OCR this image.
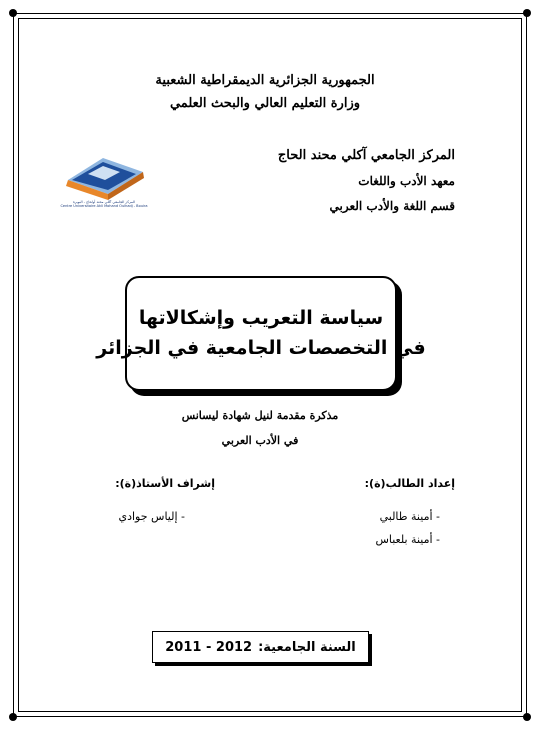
الجمهورية الجزائرية الديمقراطية الشعبية
وزارة التعليم العالي والبحث العلمي
المركز الجامعي آكلي محند الحاج
معهد الأدب واللغات
قسم اللغة والأدب العربي
المركز الجامعي آكلي محند أولحاج - البويرة
Centre Universitaire Akli Mohand Oulhadj - Bouira
سياسة التعريب وإشكالاتها
في التخصصات الجامعية في الجزائر
مذكرة مقدمة لنيل شهادة ليسانس
في الأدب العربي
إعداد الطالب(ة):
- أمينة طالبي
- أمينة بلعباس
إشراف الأستاذ(ة):
- إلياس جوادي
السنة الجامعية:
2011 - 2012
